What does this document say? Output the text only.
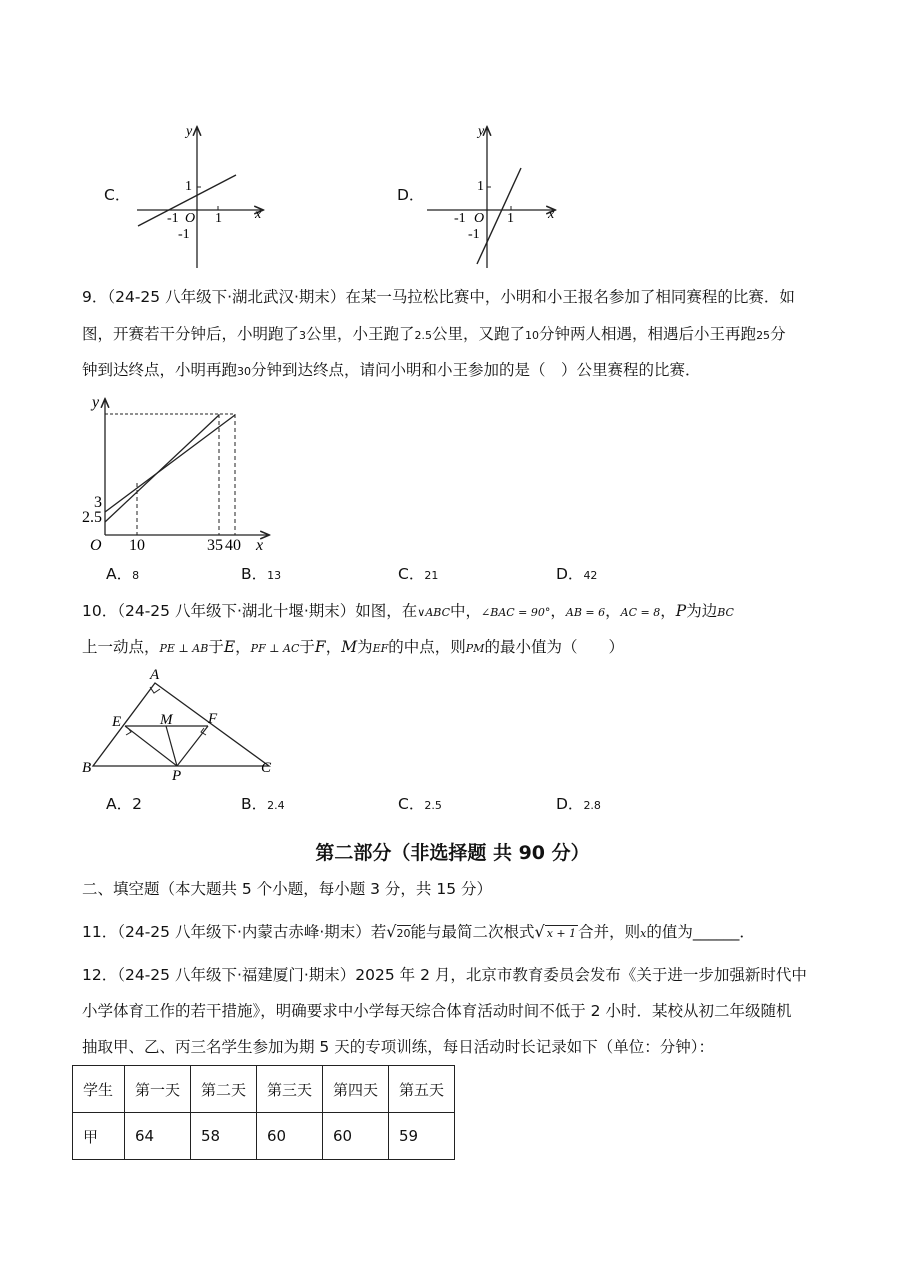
C．
y
x
1
-1 O 1
-1
D．
y
x
1
-1 O 1
-1
9．（24-25 八年级下·湖北武汉·期末）在某一马拉松比赛中，小明和小王报名参加了相同赛程的比赛．如
图，开赛若干分钟后，小明跑了3公里，小王跑了2.5公里，又跑了10分钟两人相遇，相遇后小王再跑25分
钟到达终点，小明再跑30分钟到达终点，请问小明和小王参加的是（　）公里赛程的比赛．
y
x
O 10	35 40
3
2.5
A．8	B．13	C．21	D．42
10．（24-25 八年级下·湖北十堰·期末）如图，在∨ABC中，∠BAC = 90°，AB = 6，AC = 8，P为边BC
上一动点，PE ⊥ AB于E，PF ⊥ AC于F，M为EF的中点，则PM的最小值为（　　）
A
B	C
E	F
M
P
A．2	B．2.4	C．2.5	D．2.8
第二部分（非选择题 共 90 分）
二、填空题（本大题共 5 个小题，每小题 3 分，共 15 分）
11．（24-25 八年级下·内蒙古赤峰·期末）若√20能与最简二次根式√ x + 1 合并，则x的值为______．
12．（24-25 八年级下·福建厦门·期末）2025 年 2 月，北京市教育委员会发布《关于进一步加强新时代中
小学体育工作的若干措施》，明确要求中小学每天综合体育活动时间不低于 2 小时．某校从初二年级随机
抽取甲、乙、丙三名学生参加为期 5 天的专项训练，每日活动时长记录如下（单位：分钟）：
学生	第一天	第二天	第三天	第四天	第五天
甲	64	58	60	60	59
